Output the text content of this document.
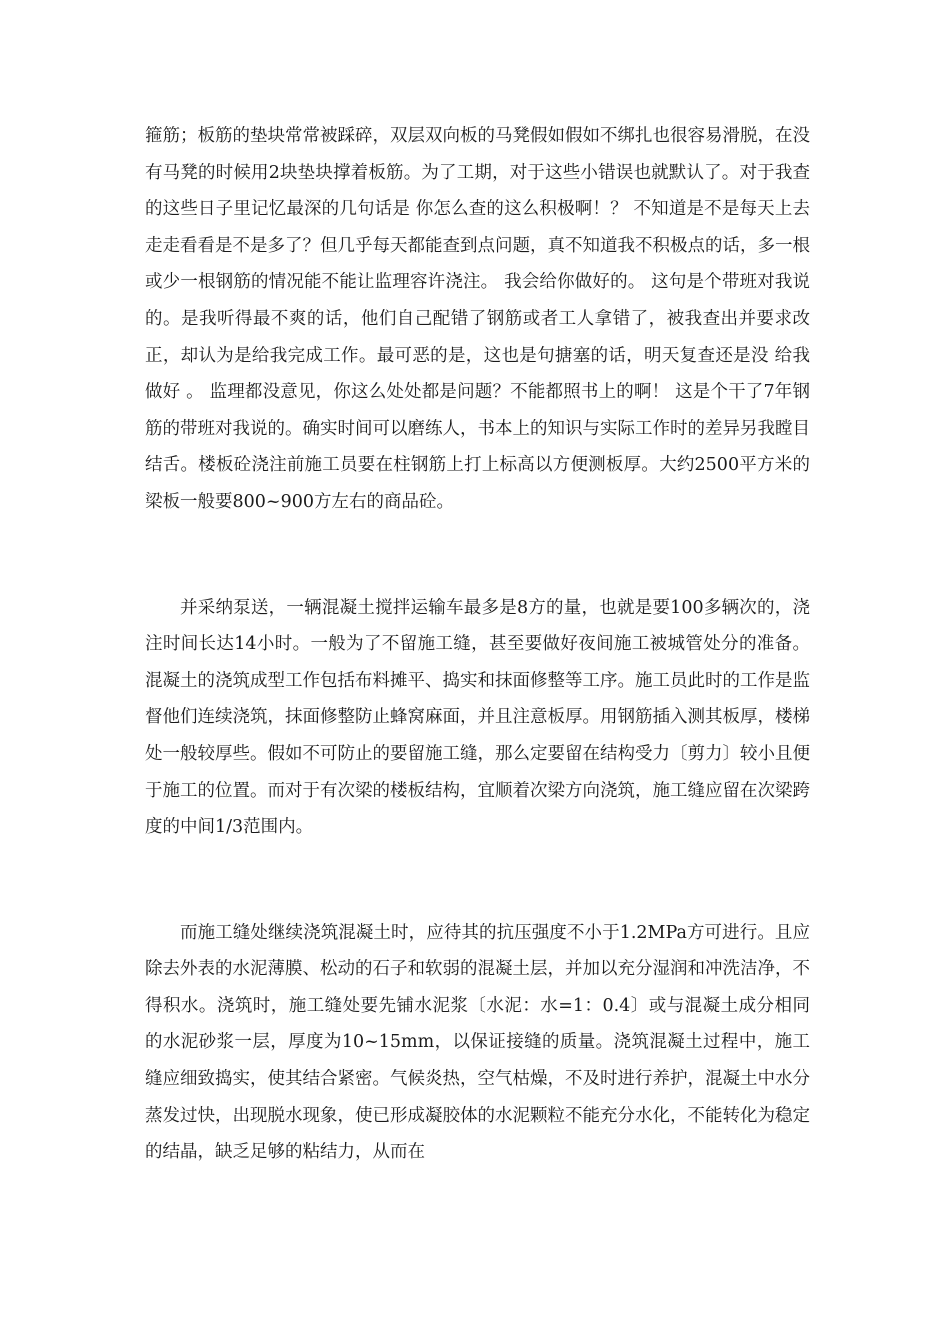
箍筋；板筋的垫块常常被踩碎，双层双向板的马凳假如假如不绑扎也很容易滑脱，在没有马凳的时候用2块垫块撑着板筋。为了工期，对于这些小错误也就默认了。对于我查的这些日子里记忆最深的几句话是 你怎么查的这么积极啊！？ 不知道是不是每天上去走走看看是不是多了？但几乎每天都能查到点问题，真不知道我不积极点的话，多一根或少一根钢筋的情况能不能让监理容许浇注。 我会给你做好的。 这句是个带班对我说的。是我听得最不爽的话，他们自己配错了钢筋或者工人拿错了，被我查出并要求改正，却认为是给我完成工作。最可恶的是，这也是句搪塞的话，明天复查还是没 给我做好 。 监理都没意见，你这么处处都是问题？不能都照书上的啊！ 这是个干了7年钢筋的带班对我说的。确实时间可以磨练人，书本上的知识与实际工作时的差异另我瞠目结舌。楼板砼浇注前施工员要在柱钢筋上打上标高以方便测板厚。大约2500平方米的梁板一般要800~900方左右的商品砼。

并采纳泵送，一辆混凝土搅拌运输车最多是8方的量，也就是要100多辆次的，浇注时间长达14小时。一般为了不留施工缝，甚至要做好夜间施工被城管处分的准备。混凝土的浇筑成型工作包括布料摊平、捣实和抹面修整等工序。施工员此时的工作是监督他们连续浇筑，抹面修整防止蜂窝麻面，并且注意板厚。用钢筋插入测其板厚，楼梯处一般较厚些。假如不可防止的要留施工缝，那么定要留在结构受力〔剪力〕较小且便于施工的位置。而对于有次梁的楼板结构，宜顺着次梁方向浇筑，施工缝应留在次梁跨度的中间1/3范围内。

而施工缝处继续浇筑混凝土时，应待其的抗压强度不小于1.2MPa方可进行。且应除去外表的水泥薄膜、松动的石子和软弱的混凝土层，并加以充分湿润和冲洗洁净，不得积水。浇筑时，施工缝处要先铺水泥浆〔水泥：水=1：0.4〕或与混凝土成分相同的水泥砂浆一层，厚度为10~15mm，以保证接缝的质量。浇筑混凝土过程中，施工缝应细致捣实，使其结合紧密。气候炎热，空气枯燥，不及时进行养护，混凝土中水分蒸发过快，出现脱水现象，使已形成凝胶体的水泥颗粒不能充分水化，不能转化为稳定的结晶，缺乏足够的粘结力，从而在
